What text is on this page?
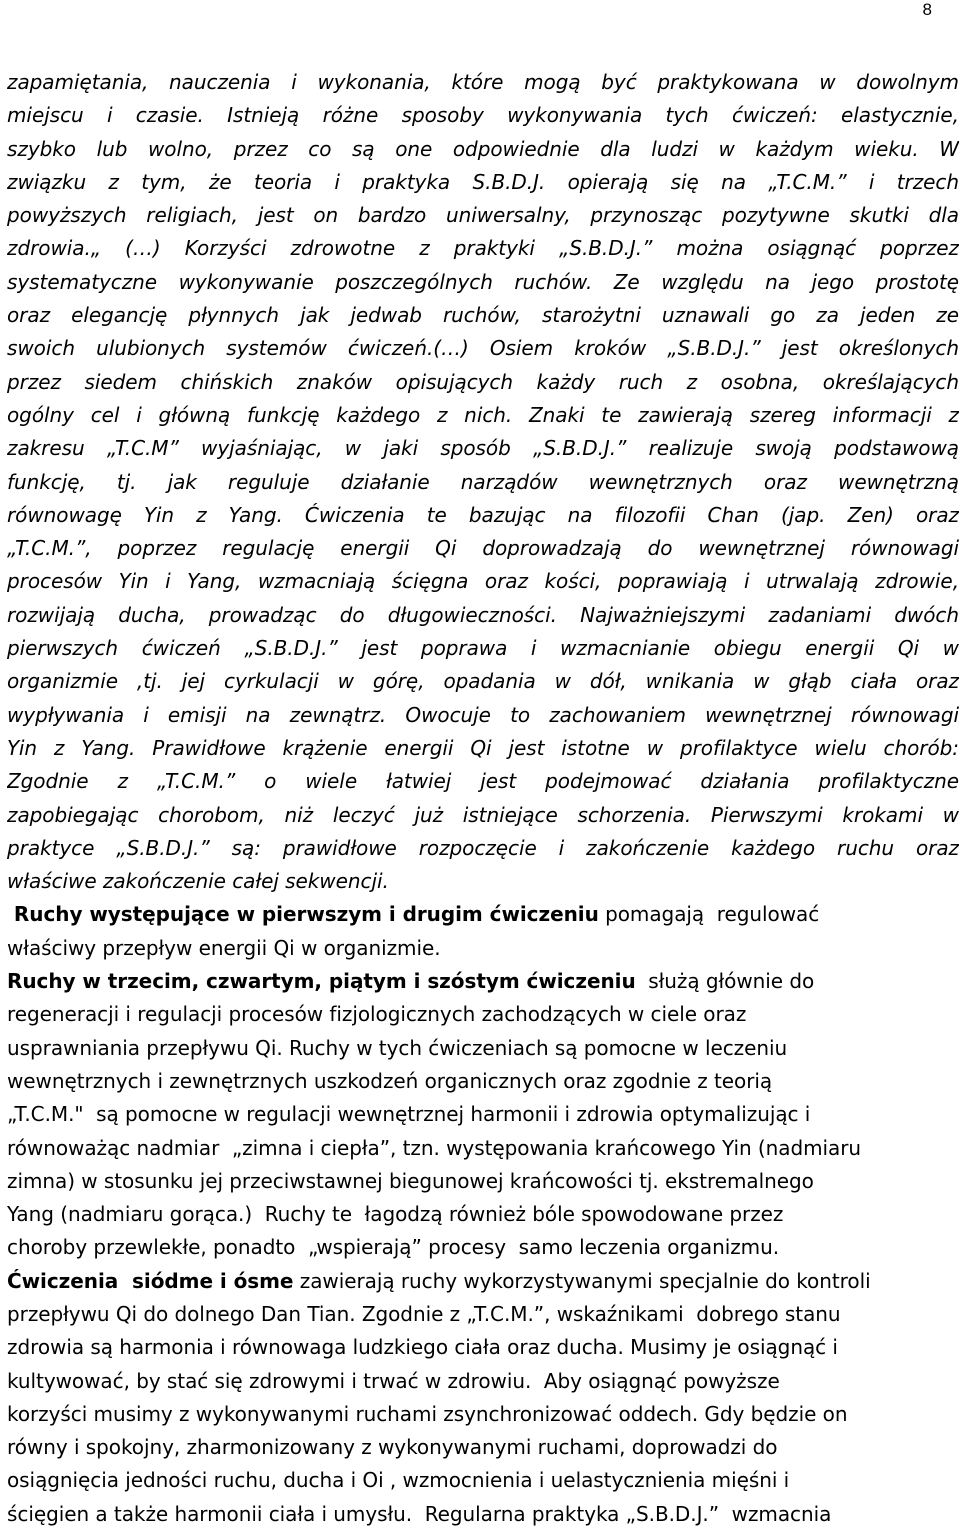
8
zapamiętania, nauczenia i wykonania, które mogą być praktykowana w dowolnym
miejscu i czasie. Istnieją różne sposoby wykonywania tych ćwiczeń: elastycznie,
szybko lub wolno, przez co są one odpowiednie dla ludzi w każdym wieku. W
związku z tym, że teoria i praktyka S.B.D.J. opierają się na „T.C.M.” i trzech
powyższych religiach, jest on bardzo uniwersalny, przynosząc pozytywne skutki dla
zdrowia.„ (…) Korzyści zdrowotne z praktyki „S.B.D.J.” można osiągnąć poprzez
systematyczne wykonywanie poszczególnych ruchów. Ze względu na jego prostotę
oraz elegancję płynnych jak jedwab ruchów, starożytni uznawali go za jeden ze
swoich ulubionych systemów ćwiczeń.(…) Osiem kroków „S.B.D.J.” jest określonych
przez siedem chińskich znaków opisujących każdy ruch z osobna, określających
ogólny cel i główną funkcję każdego z nich. Znaki te zawierają szereg informacji z
zakresu „T.C.M” wyjaśniając, w jaki sposób „S.B.D.J.” realizuje swoją podstawową
funkcję, tj. jak reguluje działanie narządów wewnętrznych oraz wewnętrzną
równowagę Yin z Yang. Ćwiczenia te bazując na filozofii Chan (jap. Zen) oraz
„T.C.M.”, poprzez regulację energii Qi doprowadzają do wewnętrznej równowagi
procesów Yin i Yang, wzmacniają ścięgna oraz kości, poprawiają i utrwalają zdrowie,
rozwijają ducha, prowadząc do długowieczności. Najważniejszymi zadaniami dwóch
pierwszych ćwiczeń „S.B.D.J.” jest poprawa i wzmacnianie obiegu energii Qi w
organizmie ,tj. jej cyrkulacji w górę, opadania w dół, wnikania w głąb ciała oraz
wypływania i emisji na zewnątrz. Owocuje to zachowaniem wewnętrznej równowagi
Yin z Yang. Prawidłowe krążenie energii Qi jest istotne w profilaktyce wielu chorób:
Zgodnie z „T.C.M.” o wiele łatwiej jest podejmować działania profilaktyczne
zapobiegając chorobom, niż leczyć już istniejące schorzenia. Pierwszymi krokami w
praktyce „S.B.D.J.” są: prawidłowe rozpoczęcie i zakończenie każdego ruchu oraz
właściwe zakończenie całej sekwencji.
Ruchy występujące w pierwszym i drugim ćwiczeniu pomagają  regulować
właściwy przepływ energii Qi w organizmie.
Ruchy w trzecim, czwartym, piątym i szóstym ćwiczeniu  służą głównie do
regeneracji i regulacji procesów fizjologicznych zachodzących w ciele oraz
usprawniania przepływu Qi. Ruchy w tych ćwiczeniach są pomocne w leczeniu
wewnętrznych i zewnętrznych uszkodzeń organicznych oraz zgodnie z teorią
„T.C.M."  są pomocne w regulacji wewnętrznej harmonii i zdrowia optymalizując i
równoważąc nadmiar  „zimna i ciepła”, tzn. występowania krańcowego Yin (nadmiaru
zimna) w stosunku jej przeciwstawnej biegunowej krańcowości tj. ekstremalnego
Yang (nadmiaru gorąca.)  Ruchy te  łagodzą również bóle spowodowane przez
choroby przewlekłe, ponadto  „wspierają” procesy  samo leczenia organizmu.
Ćwiczenia  siódme i ósme zawierają ruchy wykorzystywanymi specjalnie do kontroli
przepływu Qi do dolnego Dan Tian. Zgodnie z „T.C.M.”, wskaźnikami  dobrego stanu
zdrowia są harmonia i równowaga ludzkiego ciała oraz ducha. Musimy je osiągnąć i
kultywować, by stać się zdrowymi i trwać w zdrowiu.  Aby osiągnąć powyższe
korzyści musimy z wykonywanymi ruchami zsynchronizować oddech. Gdy będzie on
równy i spokojny, zharmonizowany z wykonywanymi ruchami, doprowadzi do
osiągnięcia jedności ruchu, ducha i Oi , wzmocnienia i uelastycznienia mięśni i
ścięgien a także harmonii ciała i umysłu.  Regularna praktyka „S.B.D.J.”  wzmacnia
